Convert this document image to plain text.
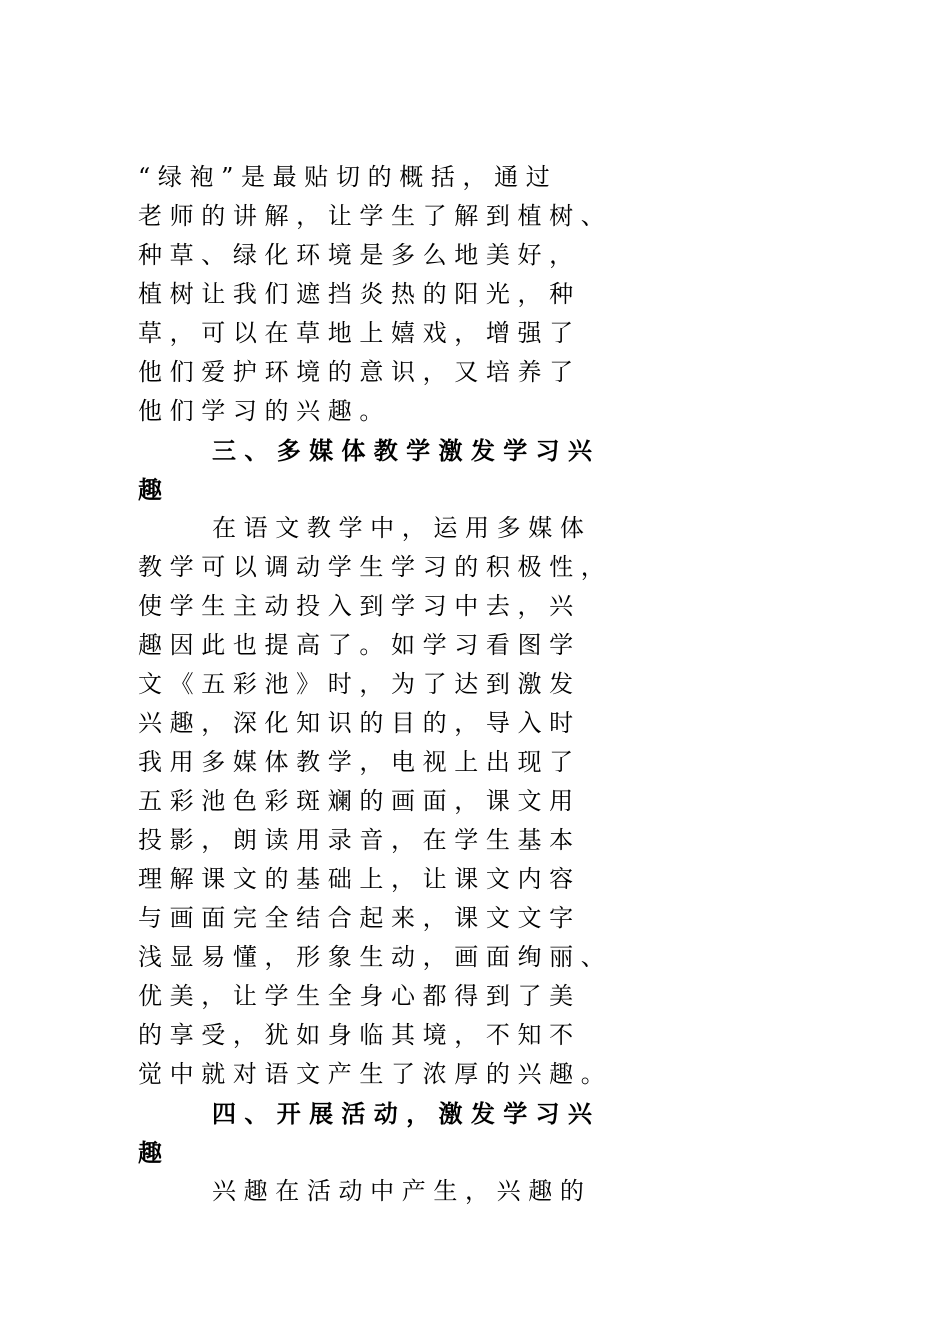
“ 绿 袍 ” 是 最 贴 切 的 概 括 ， 通 过
老 师 的 讲 解 ， 让 学 生 了 解 到 植 树 、
种 草 、 绿 化 环 境 是 多 么 地 美 好 ，
植 树 让 我 们 遮 挡 炎 热 的 阳 光 ， 种
草 ， 可 以 在 草 地 上 嬉 戏 ， 增 强 了
他 们 爱 护 环 境 的 意 识 ， 又 培 养 了
他 们 学 习 的 兴 趣 。
三 、 多 媒 体 教 学 激 发 学 习 兴
趣
在 语 文 教 学 中 ， 运 用 多 媒 体
教 学 可 以 调 动 学 生 学 习 的 积 极 性 ，
使 学 生 主 动 投 入 到 学 习 中 去 ， 兴
趣 因 此 也 提 高 了 。 如 学 习 看 图 学
文 《 五 彩 池 》 时 ， 为 了 达 到 激 发
兴 趣 ， 深 化 知 识 的 目 的 ， 导 入 时
我 用 多 媒 体 教 学 ， 电 视 上 出 现 了
五 彩 池 色 彩 斑 斓 的 画 面 ， 课 文 用
投 影 ， 朗 读 用 录 音 ， 在 学 生 基 本
理 解 课 文 的 基 础 上 ， 让 课 文 内 容
与 画 面 完 全 结 合 起 来 ， 课 文 文 字
浅 显 易 懂 ， 形 象 生 动 ， 画 面 绚 丽 、
优 美 ， 让 学 生 全 身 心 都 得 到 了 美
的 享 受 ， 犹 如 身 临 其 境 ， 不 知 不
觉 中 就 对 语 文 产 生 了 浓 厚 的 兴 趣 。
四 、 开 展 活 动 ， 激 发 学 习 兴
趣
兴 趣 在 活 动 中 产 生 ， 兴 趣 的
